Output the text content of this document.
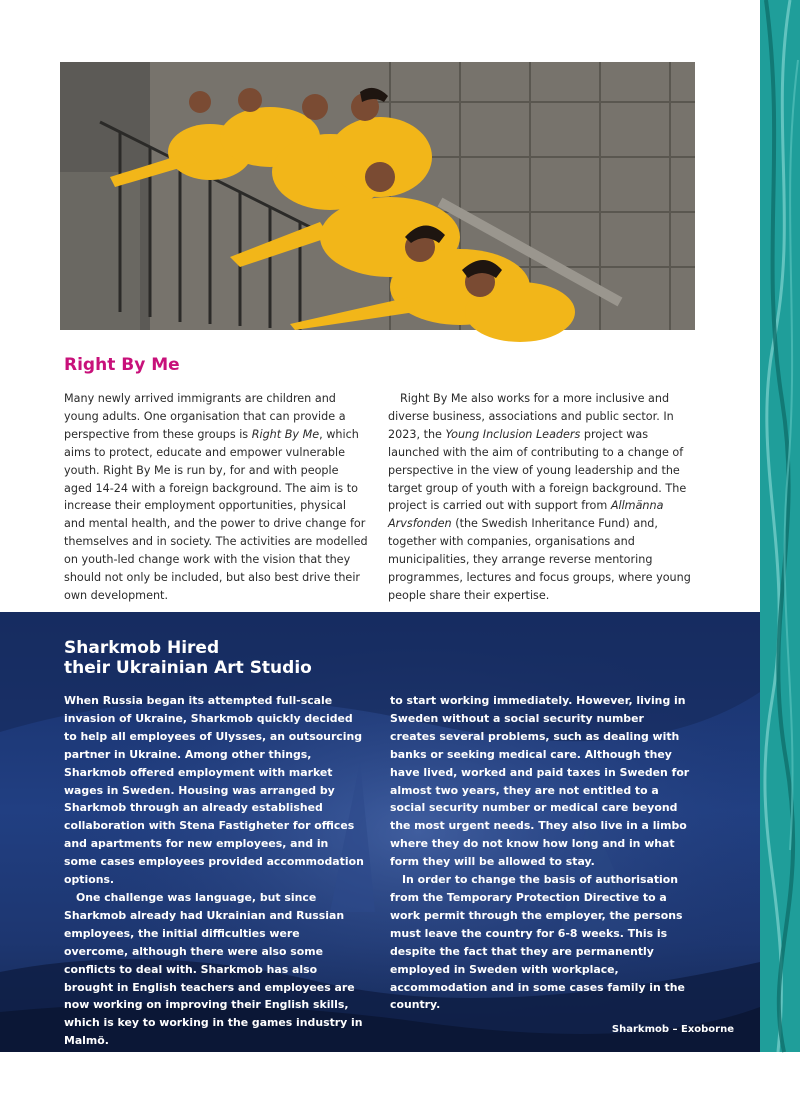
Right By Me

Many newly arrived immigrants are children and young adults. One organisation that can provide a perspective from these groups is Right By Me, which aims to protect, educate and empower vulnerable youth. Right By Me is run by, for and with people aged 14-24 with a foreign background. The aim is to increase their employment opportunities, physical and mental health, and the power to drive change for themselves and in society. The activities are modelled on youth-led change work with the vision that they should not only be included, but also best drive their own development.

Right By Me also works for a more inclusive and diverse business, associations and public sector. In 2023, the Young Inclusion Leaders project was launched with the aim of contributing to a change of perspective in the view of young leadership and the target group of youth with a foreign background. The project is carried out with support from Allmänna Arvsfonden (the Swedish Inheritance Fund) and, together with companies, organisations and municipalities, they arrange reverse mentoring programmes, lectures and focus groups, where young people share their expertise.

Sharkmob Hired
their Ukrainian Art Studio

When Russia began its attempted full-scale invasion of Ukraine, Sharkmob quickly decided to help all employees of Ulysses, an outsourcing partner in Ukraine. Among other things, Sharkmob offered employment with market wages in Sweden. Housing was arranged by Sharkmob through an already established collaboration with Stena Fastigheter for offices and apartments for new employees, and in some cases employees provided accommodation options.

One challenge was language, but since Sharkmob already had Ukrainian and Russian employees, the initial difficulties were overcome, although there were also some conflicts to deal with. Sharkmob has also brought in English teachers and employees are now working on improving their English skills, which is key to working in the games industry in Malmö.

The Temporary Protection Directive allowed the newly arrived and newly employed Ukrainians

to start working immediately. However, living in Sweden without a social security number creates several problems, such as dealing with banks or seeking medical care. Although they have lived, worked and paid taxes in Sweden for almost two years, they are not entitled to a social security number or medical care beyond the most urgent needs. They also live in a limbo where they do not know how long and in what form they will be allowed to stay.

In order to change the basis of authorisation from the Temporary Protection Directive to a work permit through the employer, the persons must leave the country for 6-8 weeks. This is despite the fact that they are permanently employed in Sweden with workplace, accommodation and in some cases family in the country.

Sharkmob – Exoborne
